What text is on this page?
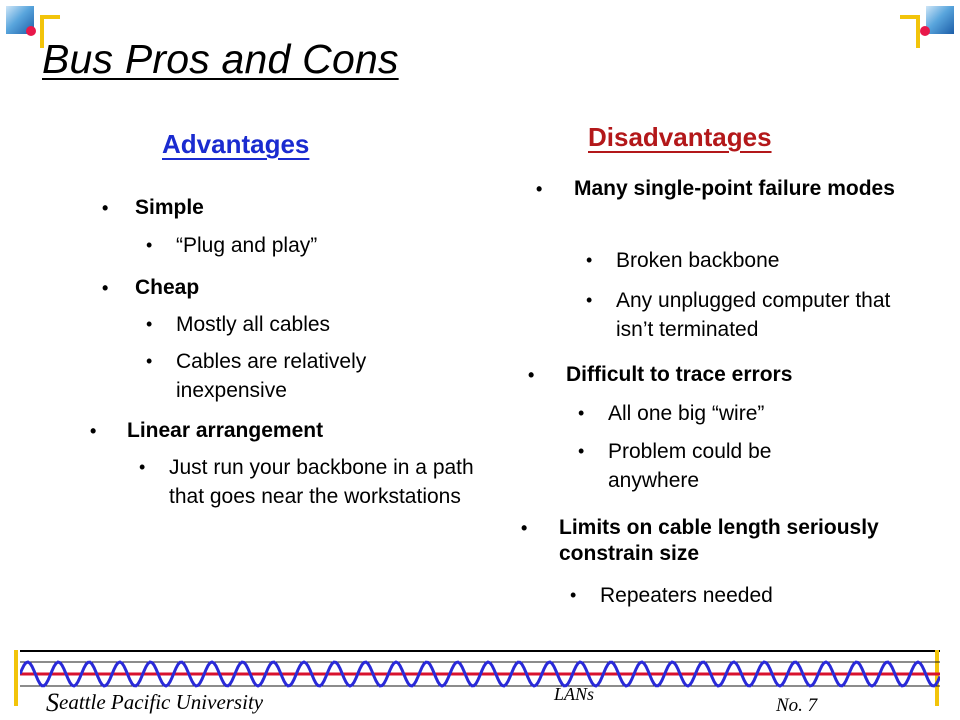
Bus Pros and Cons
Advantages	Disadvantages
• Simple
• “Plug and play”
• Cheap
• Mostly all cables
• Cables are relatively inexpensive
• Linear arrangement
• Just run your backbone in a path that goes near the workstations
• Many single-point failure modes
• Broken backbone
• Any unplugged computer that isn’t terminated
• Difficult to trace errors
• All one big “wire”
• Problem could be anywhere
• Limits on cable length seriously constrain size
• Repeaters needed
Seattle Pacific University	LANs
No. 7
